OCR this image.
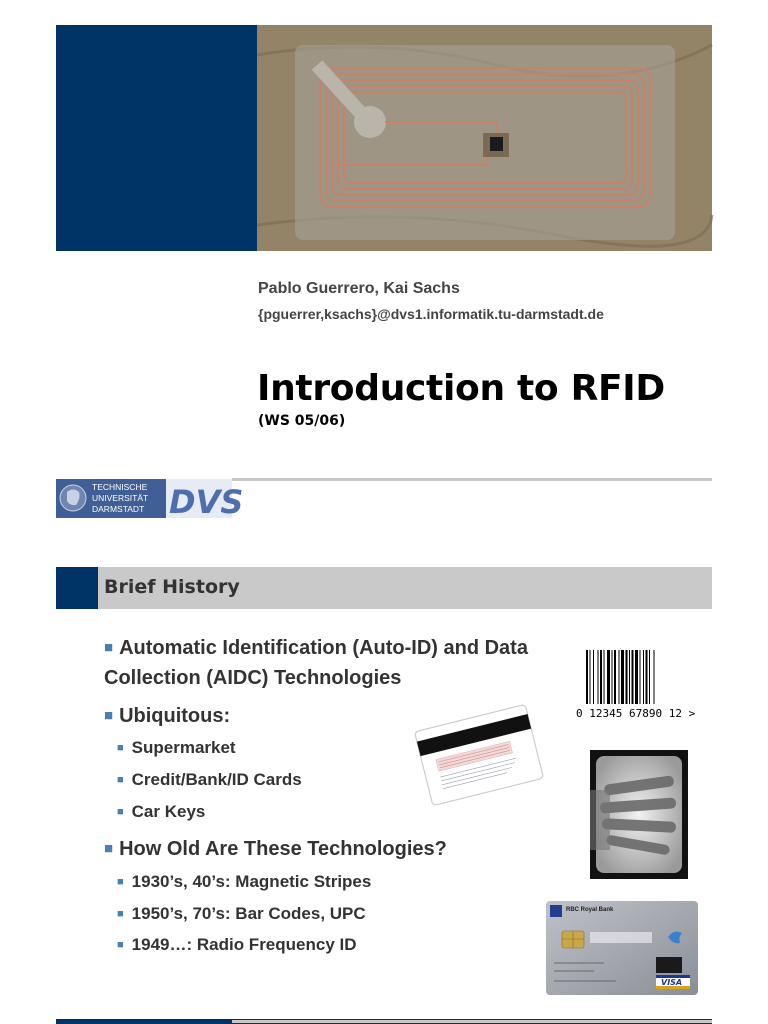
Pablo Guerrero, Kai Sachs
{pguerrer,ksachs}@dvs1.informatik.tu-darmstadt.de
Introduction to RFID
(WS 05/06)
TECHNISCHE
UNIVERSITÄT
DARMSTADT DVS
Brief History
■ Automatic Identification (Auto-ID) and Data Collection (AIDC) Technologies
■ Ubiquitous:
■ Supermarket
■ Credit/Bank/ID Cards
■ Car Keys
■ How Old Are These Technologies?
■ 1930’s, 40’s: Magnetic Stripes
■ 1950’s, 70’s: Bar Codes, UPC
■ 1949…: Radio Frequency ID
0 12345 67890 12 >
RBC Royal Bank
VISA
